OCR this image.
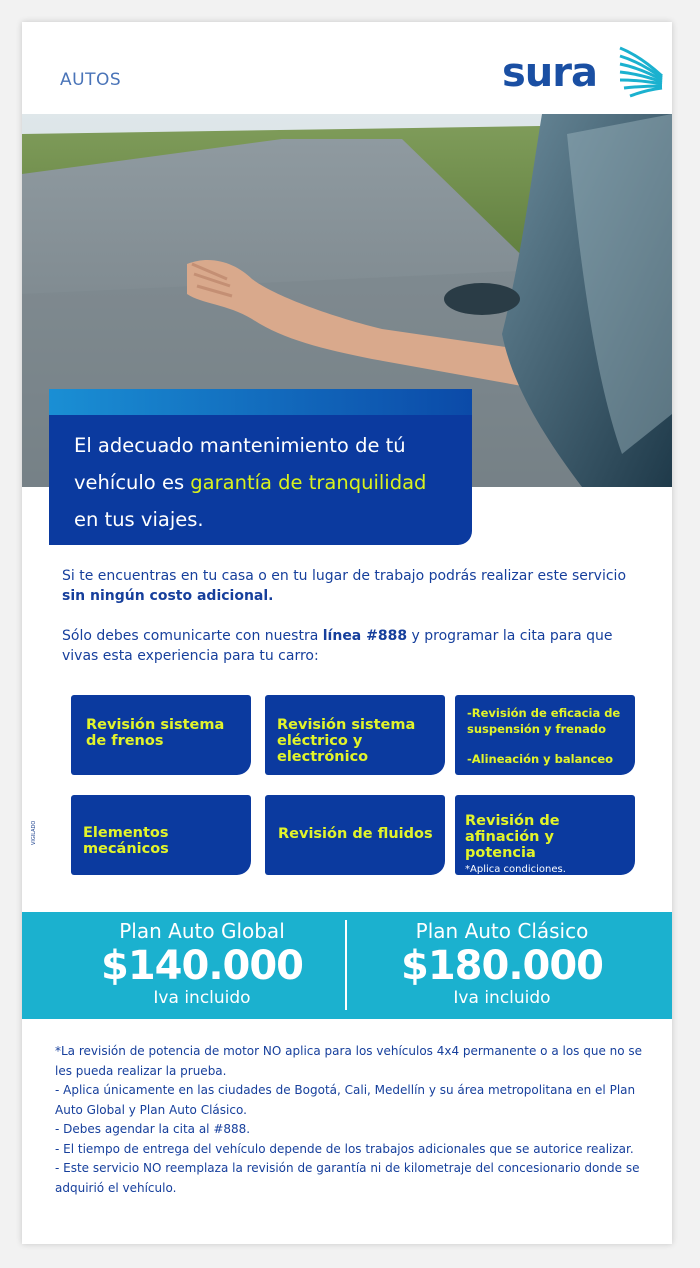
AUTOS	sura
El adecuado mantenimiento de tú
vehículo es garantía de tranquilidad
en tus viajes.

Si te encuentras en tu casa o en tu lugar de trabajo podrás realizar este servicio
sin ningún costo adicional.

Sólo debes comunicarte con nuestra línea #888 y programar la cita para que vivas esta experiencia para tu carro:

VIGILADO
Revisión sistema de frenos
Revisión sistema eléctrico y electrónico
-Revisión de eficacia de suspensión y frenado
-Alineación y balanceo
Elementos mecánicos
Revisión de fluidos
Revisión de afinación y potencia
*Aplica condiciones.
Plan Auto Global
$140.000
Iva incluido
Plan Auto Clásico
$180.000
Iva incluido
*La revisión de potencia de motor NO aplica para los vehículos 4x4 permanente o a los que no se les pueda realizar la prueba.
- Aplica únicamente en las ciudades de Bogotá, Cali, Medellín y su área metropolitana en el Plan Auto Global y Plan Auto Clásico.
- Debes agendar la cita al #888.
- El tiempo de entrega del vehículo depende de los trabajos adicionales que se autorice realizar.
- Este servicio NO reemplaza la revisión de garantía ni de kilometraje del concesionario donde se adquirió el vehículo.
